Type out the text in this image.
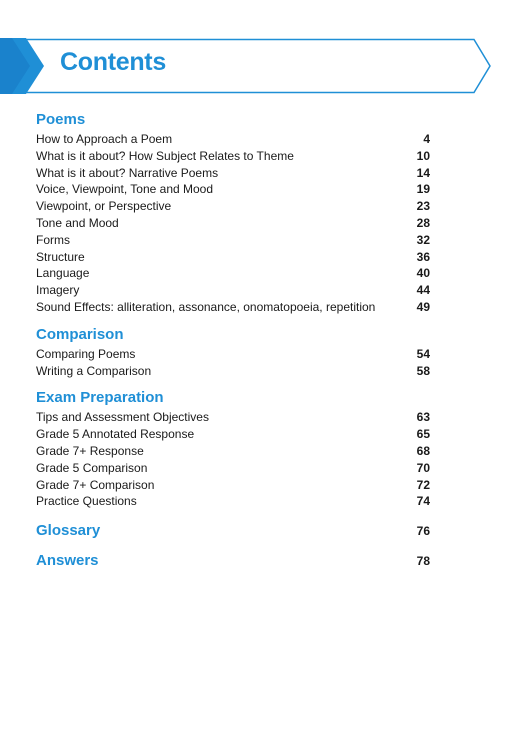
Contents
Poems
How to Approach a Poem	4
What is it about? How Subject Relates to Theme	10
What is it about? Narrative Poems	14
Voice, Viewpoint, Tone and Mood	19
Viewpoint, or Perspective	23
Tone and Mood	28
Forms	32
Structure	36
Language	40
Imagery	44
Sound Effects: alliteration, assonance, onomatopoeia, repetition	49
Comparison
Comparing Poems	54
Writing a Comparison	58
Exam Preparation
Tips and Assessment Objectives	63
Grade 5 Annotated Response	65
Grade 7+ Response	68
Grade 5 Comparison	70
Grade 7+ Comparison	72
Practice Questions	74
Glossary	76
Answers	78
